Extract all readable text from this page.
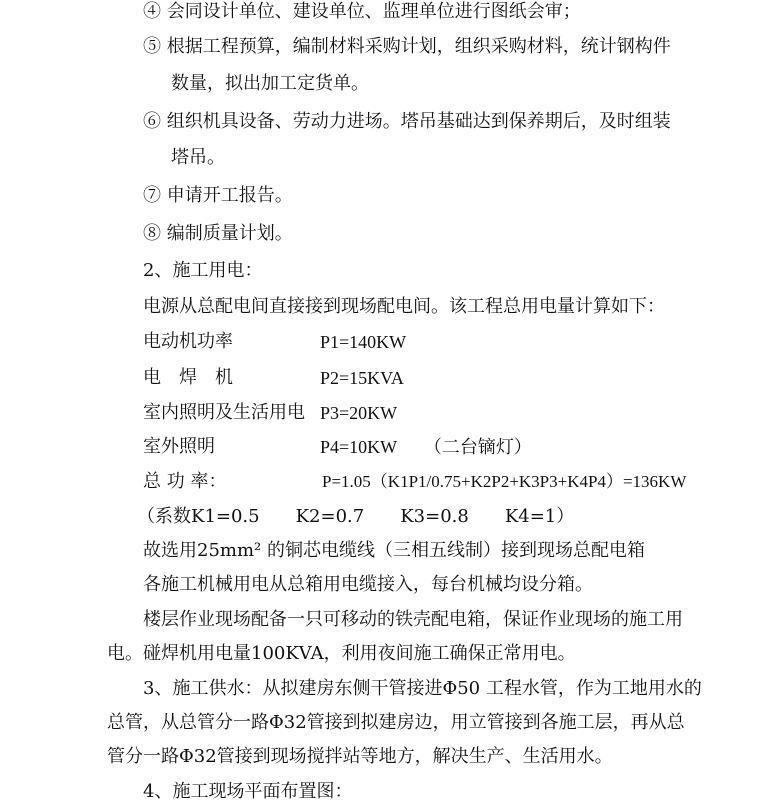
④ 会同设计单位、建设单位、监理单位进行图纸会审；
⑤ 根据工程预算，编制材料采购计划，组织采购材料，统计钢构件
数量，拟出加工定货单。
⑥ 组织机具设备、劳动力进场。塔吊基础达到保养期后，及时组装
塔吊。
⑦ 申请开工报告。
⑧ 编制质量计划。
2、施工用电：
电源从总配电间直接接到现场配电间。该工程总用电量计算如下：
电动机功率	P1=140KW
电　焊　机	P2=15KVA
室内照明及生活用电 P3=20KW
室外照明	P4=10KW　　（二台镝灯）
总 功 率：	P=1.05（K1P1/0.75+K2P2+K3P3+K4P4）=136KW
（系数K1=0.5　　K2=0.7　　K3=0.8　　K4=1）
故选用25mm² 的铜芯电缆线（三相五线制）接到现场总配电箱
各施工机械用电从总箱用电缆接入，每台机械均设分箱。
楼层作业现场配备一只可移动的铁壳配电箱，保证作业现场的施工用
电。碰焊机用电量100KVA，利用夜间施工确保正常用电。
3、施工供水：从拟建房东侧干管接进Φ50 工程水管，作为工地用水的
总管，从总管分一路Φ32管接到拟建房边，用立管接到各施工层，再从总
管分一路Φ32管接到现场搅拌站等地方，解决生产、生活用水。
4、施工现场平面布置图：
